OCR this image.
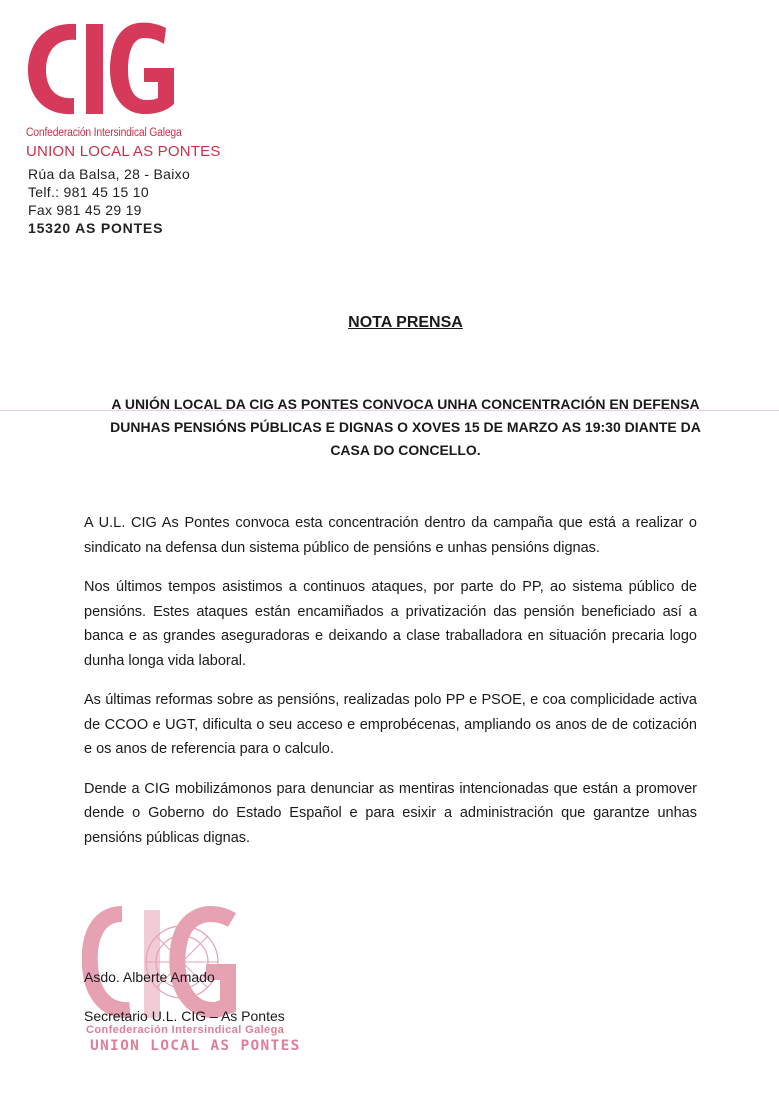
Confederación Intersindical Galega
UNION LOCAL AS PONTES
Rúa da Balsa, 28 - Baixo
Telf.: 981 45 15 10
Fax 981 45 29 19
15320 AS PONTES
NOTA PRENSA
A UNIÓN LOCAL DA CIG AS PONTES CONVOCA UNHA CONCENTRACIÓN EN DEFENSA DUNHAS PENSIÓNS PÚBLICAS E DIGNAS O XOVES 15 DE MARZO AS 19:30 DIANTE DA CASA DO CONCELLO.

A U.L. CIG As Pontes convoca esta concentración dentro da campaña que está a realizar o sindicato na defensa dun sistema público de pensións e unhas pensións dignas.

Nos últimos tempos asistimos a continuos ataques, por parte do PP, ao sistema público de pensións. Estes ataques están encamiñados a privatización das pensión beneficiado así a banca e as grandes aseguradoras e deixando a clase traballadora en situación precaria logo dunha longa vida laboral.

As últimas reformas sobre as pensións, realizadas polo PP e PSOE, e coa complicidade activa de CCOO e UGT, dificulta o seu acceso e emprobécenas, ampliando os anos de de cotización e os anos de referencia para o calculo.

Dende a CIG mobilizámonos para denunciar as mentiras intencionadas que están a promover dende o Goberno do Estado Español e para esixir a administración que garantze unhas pensións públicas dignas.

Confederación Intersindical Galega
UNION LOCAL AS PONTES
Asdo. Alberte Amado
Secretario U.L. CIG – As Pontes
